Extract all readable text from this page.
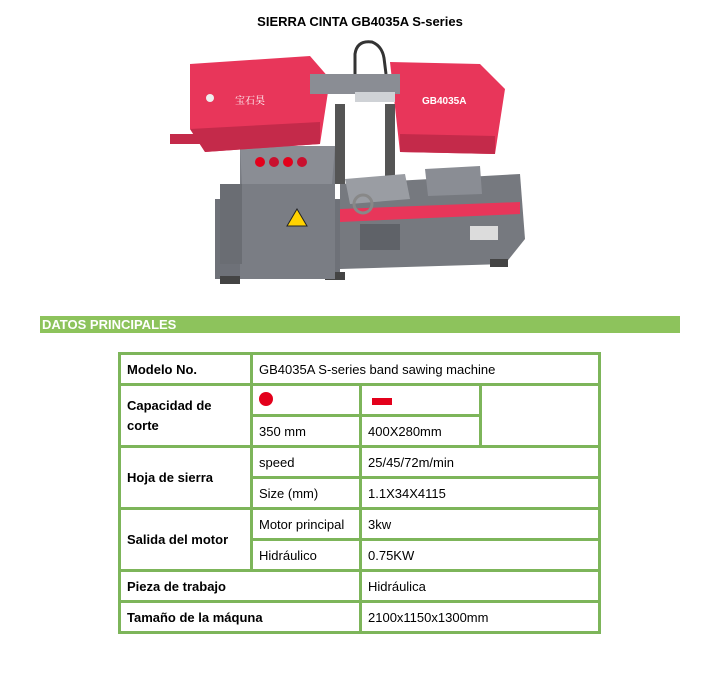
SIERRA CINTA GB4035A S-series
宝石昊	GB4035A
DATOS PRINCIPALES
Modelo No.	GB4035A S-series band sawing machine		
Capacidad de corte			
	350 mm	400X280mm	
Hoja de sierra	speed	25/45/72m/min	
	Size (mm)	1.1X34X4115	
Salida del motor	Motor principal	3kw	
	Hidráulico	0.75KW	
Pieza de trabajo		Hidráulica	
Tamaño de la máquna		2100x1150x1300mm	
